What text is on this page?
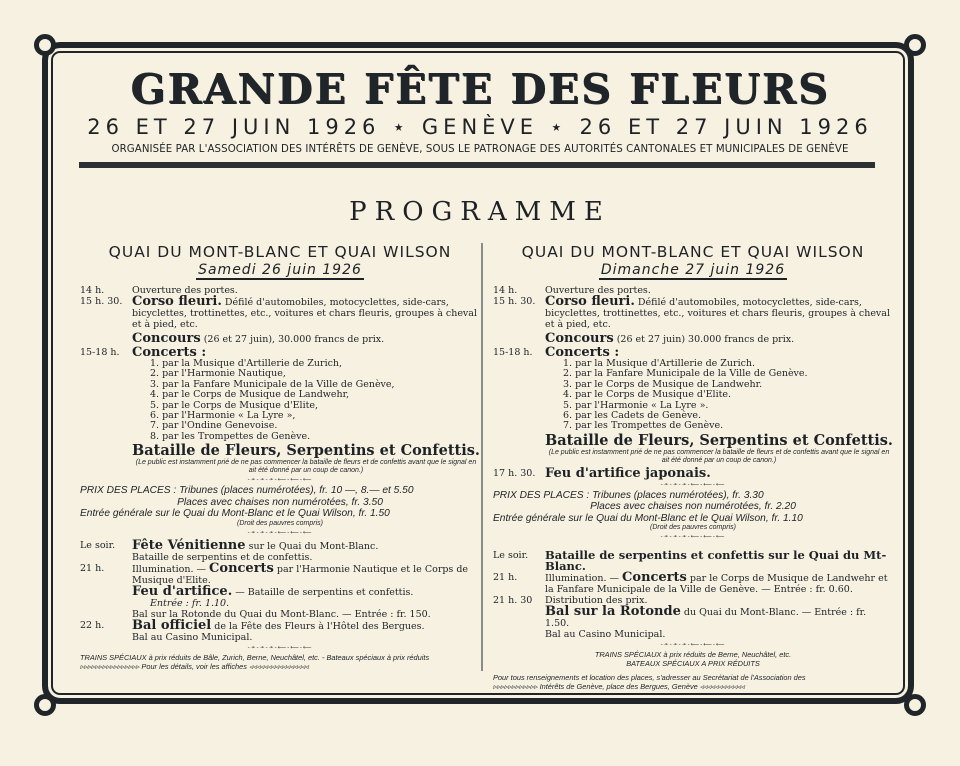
GRANDE FÊTE DES FLEURS
26 ET 27 JUIN 1926 ⋆ GENÈVE ⋆ 26 ET 27 JUIN 1926
ORGANISÉE PAR L'ASSOCIATION DES INTÉRÊTS DE GENÈVE, SOUS LE PATRONAGE DES AUTORITÉS CANTONALES ET MUNICIPALES DE GENÈVE
PROGRAMME
QUAI DU MONT-BLANC ET QUAI WILSON
Samedi 26 juin 1926
14 h.	Ouverture des portes.
15 h. 30. Corso fleuri. Défilé d'automobiles, motocyclettes, side-cars, bicyclettes, trottinettes, etc., voitures et chars fleuris, groupes à cheval et à pied, etc.
Concours (26 et 27 juin), 30.000 francs de prix.
15-18 h. Concerts :
1. par la Musique d'Artillerie de Zurich,
2. par l'Harmonie Nautique,
3. par la Fanfare Municipale de la Ville de Genève,
4. par le Corps de Musique de Landwehr,
5. par le Corps de Musique d'Elite,
6. par l'Harmonie « La Lyre »,
7. par l'Ondine Genevoise.
8. par les Trompettes de Genève.
Bataille de Fleurs, Serpentins et Confettis.
(Le public est instamment prié de ne pas commencer la bataille de fleurs et de confettis avant que le signal en ait été donné par un coup de canon.)
-➛-➛-➛-⟵-⟵-⟵
PRIX DES PLACES : Tribunes (places numérotées), fr. 10 —, 8.— et 5.50
Places avec chaises non numérotées, fr. 3.50
Entrée générale sur le Quai du Mont-Blanc et le Quai Wilson, fr. 1.50
(Droit des pauvres compris)
-➛-➛-➛-⟵-⟵-⟵
Le soir.	Fête Vénitienne sur le Quai du Mont-Blanc.
Bataille de serpentins et de confettis.
21 h.	Illumination. — Concerts par l'Harmonie Nautique et le Corps de Musique d'Elite.
Feu d'artifice. — Bataille de serpentins et confettis.
Entrée : fr. 1.10.
Bal sur la Rotonde du Quai du Mont-Blanc. — Entrée : fr. 150.
22 h.	Bal officiel de la Fête des Fleurs à l'Hôtel des Bergues.
Bal au Casino Municipal.
-➛-➛-➛-⟵-⟵-⟵
TRAINS SPÉCIAUX à prix réduits de Bâle, Zurich, Berne, Neuchâtel, etc. - Bateaux spéciaux à prix réduits
▹▹▹▹▹▹▹▹▹▹▹▹▹▹▹▹ Pour les détails, voir les affiches ◃◃◃◃◃◃◃◃◃◃◃◃◃◃◃◃
QUAI DU MONT-BLANC ET QUAI WILSON
Dimanche 27 juin 1926
14 h.	Ouverture des portes.
15 h. 30. Corso fleuri. Défilé d'automobiles, motocyclettes, side-cars, bicyclettes, trottinettes, etc., voitures et chars fleuris, groupes à cheval et à pied, etc.
Concours (26 et 27 juin) 30.000 francs de prix.
15-18 h. Concerts :
1. par la Musique d'Artillerie de Zurich.
2. par la Fanfare Municipale de la Ville de Genève.
3. par le Corps de Musique de Landwehr.
4. par le Corps de Musique d'Elite.
5. par l'Harmonie « La Lyre ».
6. par les Cadets de Genève.
7. par les Trompettes de Genève.
Bataille de Fleurs, Serpentins et Confettis.
(Le public est instamment prié de ne pas commencer la bataille de fleurs et de confettis avant que le signal en ait été donné par un coup de canon.)
17 h. 30. Feu d'artifice japonais.
-➛-➛-➛-⟵-⟵-⟵
PRIX DES PLACES : Tribunes (places numérotées), fr. 3.30
Places avec chaises non numérotées, fr. 2.20
Entrée générale sur le Quai du Mont-Blanc et le Quai Wilson, fr. 1.10
(Droit des pauvres compris)
-➛-➛-➛-⟵-⟵-⟵
Le soir.	Bataille de serpentins et confettis sur le Quai du Mt-Blanc.
21 h.	Illumination. — Concerts par le Corps de Musique de Landwehr et la Fanfare Municipale de la Ville de Genève. — Entrée : fr. 0.60.
21 h. 30	Distribution des prix.
Bal sur la Rotonde du Quai du Mont-Blanc. — Entrée : fr. 1.50.
Bal au Casino Municipal.
-➛-➛-➛-⟵-⟵-⟵
TRAINS SPÉCIAUX à prix réduits de Berne, Neuchâtel, etc.
BATEAUX SPÉCIAUX A PRIX RÉDUITS
Pour tous renseignements et location des places, s'adresser au Secrétariat de l'Association des
▹▹▹▹▹▹▹▹▹▹▹▹ Intérêts de Genève, place des Bergues, Genève ◃◃◃◃◃◃◃◃◃◃◃◃
